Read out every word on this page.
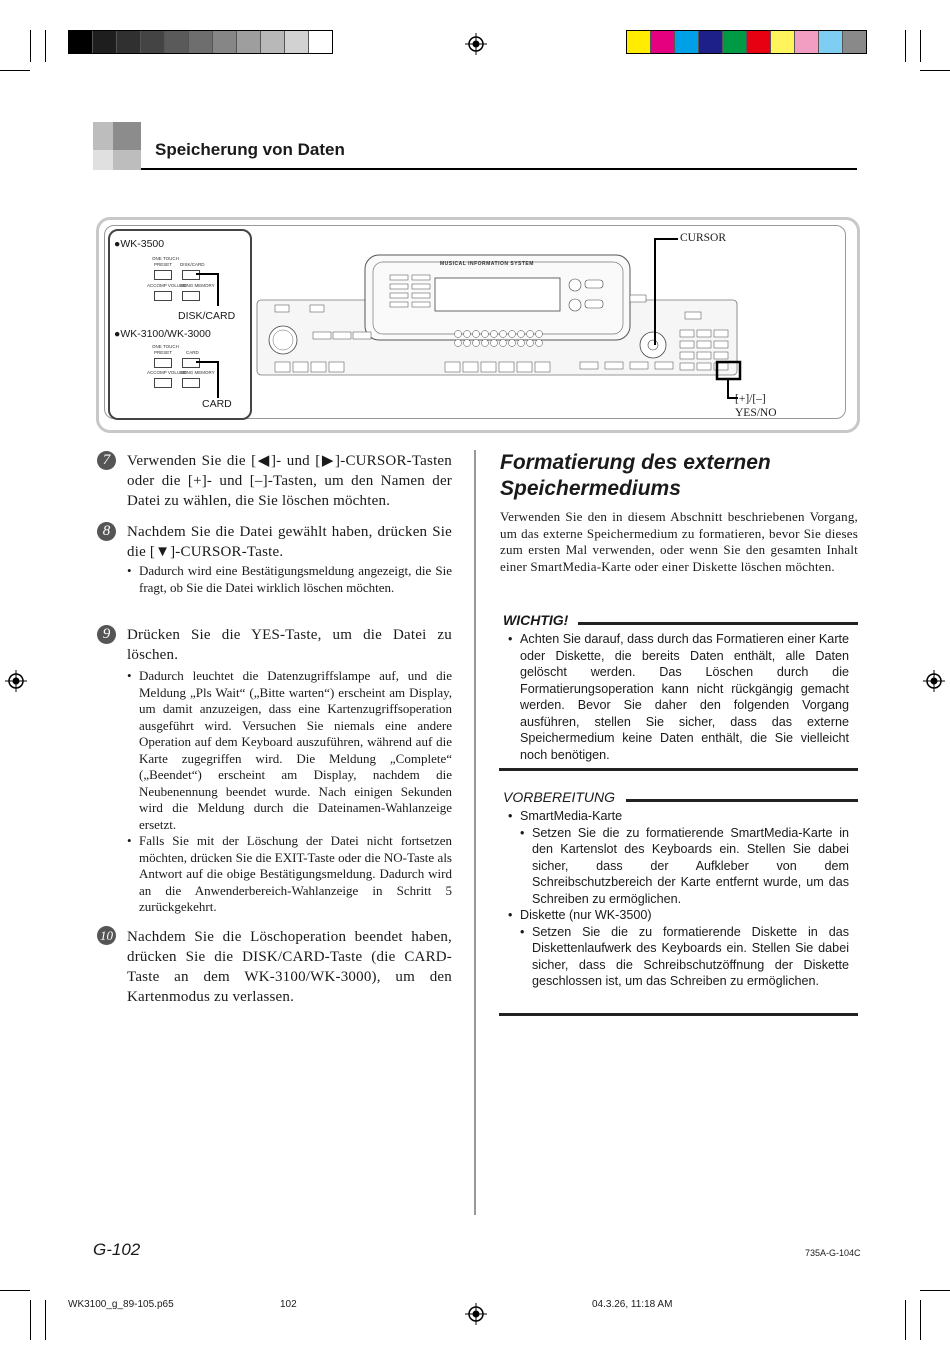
Speicherung von Daten
●WK-3500
ONE TOUCH
PRESET DISK/CARD
ACCOMP VOLUME
SONG MEMORY
DISK/CARD
●WK-3100/WK-3000
ONE TOUCH
PRESET	CARD
ACCOMP VOLUME
SONG MEMORY
CARD
MUSICAL INFORMATION SYSTEM
CURSOR
[+]/[–]
YES/NO
7	Verwenden Sie die [◀]- und [▶]-CURSOR-Tasten oder die [+]- und [–]-Tasten, um den Namen der Datei zu wählen, die Sie löschen möchten.
8	Nachdem Sie die Datei gewählt haben, drücken Sie die [▼]-CURSOR-Taste.
• Dadurch wird eine Bestätigungsmeldung angezeigt, die Sie fragt, ob Sie die Datei wirklich löschen möchten.
9	Drücken Sie die YES-Taste, um die Datei zu löschen.
• Dadurch leuchtet die Datenzugriffslampe auf, und die Meldung „Pls Wait“ („Bitte warten“) erscheint am Display, um damit anzuzeigen, dass eine Kartenzugriffsoperation ausgeführt wird. Versuchen Sie niemals eine andere Operation auf dem Keyboard auszuführen, während auf die Karte zugegriffen wird. Die Meldung „Complete“ („Beendet“) erscheint am Display, nachdem die Neubenennung beendet wurde. Nach einigen Sekunden wird die Meldung durch die Dateinamen-Wahlanzeige ersetzt.
• Falls Sie mit der Löschung der Datei nicht fortsetzen möchten, drücken Sie die EXIT-Taste oder die NO-Taste als Antwort auf die obige Bestätigungsmeldung. Dadurch wird an die Anwenderbereich-Wahlanzeige in Schritt 5 zurückgekehrt.
10 Nachdem Sie die Löschoperation beendet haben, drücken Sie die DISK/CARD-Taste (die CARD-Taste an dem WK-3100/WK-3000), um den Kartenmodus zu verlassen.
Formatierung des externen
Speichermediums
Verwenden Sie den in diesem Abschnitt beschriebenen Vorgang, um das externe Speichermedium zu formatieren, bevor Sie dieses zum ersten Mal verwenden, oder wenn Sie den gesamten Inhalt einer SmartMedia-Karte oder einer Diskette löschen möchten.
WICHTIG!
• Achten Sie darauf, dass durch das Formatieren einer Karte oder Diskette, die bereits Daten enthält, alle Daten gelöscht werden. Das Löschen durch die Formatierungsoperation kann nicht rückgängig gemacht werden. Bevor Sie daher den folgenden Vorgang ausführen, stellen Sie sicher, dass das externe Speichermedium keine Daten enthält, die Sie vielleicht noch benötigen.
VORBEREITUNG
• SmartMedia-Karte
• Setzen Sie die zu formatierende SmartMedia-Karte in den Kartenslot des Keyboards ein. Stellen Sie dabei sicher, dass der Aufkleber von dem Schreibschutzbereich der Karte entfernt wurde, um das Schreiben zu ermöglichen.
• Diskette (nur WK-3500)
• Setzen Sie die zu formatierende Diskette in das Diskettenlaufwerk des Keyboards ein. Stellen Sie dabei sicher, dass die Schreibschutzöffnung der Diskette geschlossen ist, um das Schreiben zu ermöglichen.
G-102	735A-G-104C
WK3100_g_89-105.p65	102	04.3.26, 11:18 AM
